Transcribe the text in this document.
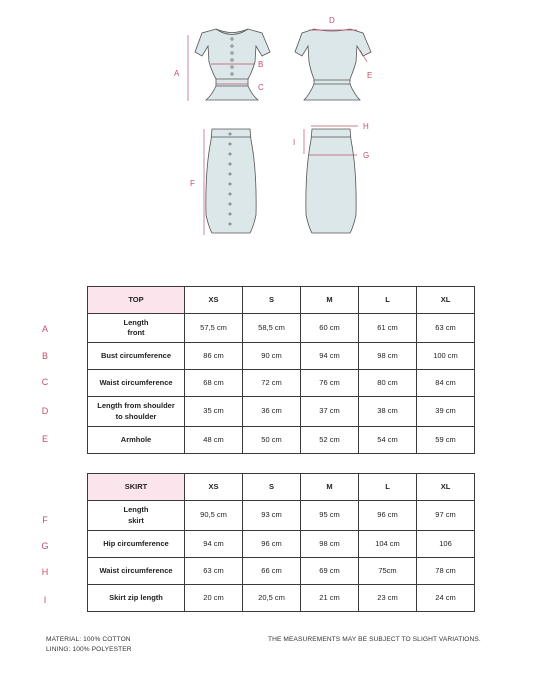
A
B
C
D
E
F
H
G
I
TOP	XS	S	M	L	XL
Length
front	57,5 cm	58,5 cm	60 cm	61 cm	63 cm
Bust circumference	86 cm	90 cm	94 cm	98 cm	100 cm
Waist circumference	68 cm	72 cm	76 cm	80 cm	84 cm
Length from shoulder
to shoulder	35 cm	36 cm	37 cm	38 cm	39 cm
Armhole	48 cm	50 cm	52 cm	54 cm	59 cm
A
B
C
D
E
SKIRT	XS	S	M	L	XL
Length
skirt	90,5 cm	93 cm	95 cm	96 cm	97 cm
Hip circumference	94 cm	96 cm	98 cm	104 cm	106
Waist circumference	63 cm	66 cm	69 cm	75cm	78 cm
Skirt zip length	20 cm	20,5 cm	21 cm	23 cm	24 cm
F
G
H
I
MATERIAL: 100% COTTON
LINING: 100% POLYESTER
THE MEASUREMENTS MAY BE SUBJECT TO SLIGHT VARIATIONS.
